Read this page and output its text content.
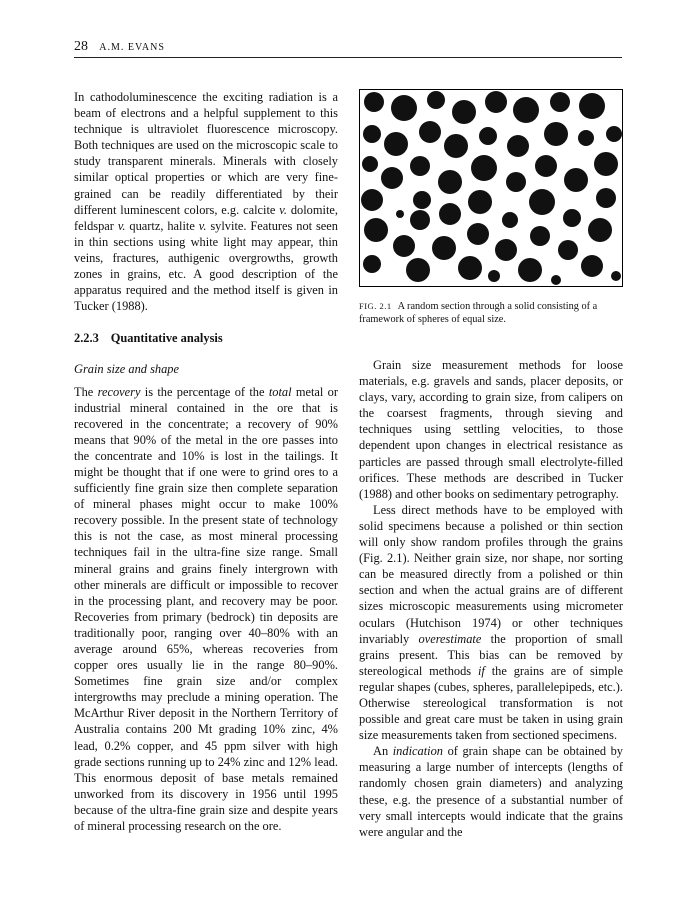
28 A.M. EVANS

In cathodoluminescence the exciting radiation is a beam of electrons and a helpful supplement to this technique is ultraviolet fluorescence microscopy. Both techniques are used on the microscopic scale to study transparent minerals. Minerals with closely similar optical properties or which are very fine-grained can be readily differentiated by their different luminescent colors, e.g. calcite v. dolomite, feldspar v. quartz, halite v. sylvite. Features not seen in thin sections using white light may appear, thin veins, fractures, authigenic overgrowths, growth zones in grains, etc. A good description of the apparatus required and the method itself is given in Tucker (1988).

2.2.3 Quantitative analysis
Grain size and shape

The recovery is the percentage of the total metal or industrial mineral contained in the ore that is recovered in the concentrate; a recovery of 90% means that 90% of the metal in the ore passes into the concentrate and 10% is lost in the tailings. It might be thought that if one were to grind ores to a sufficiently fine grain size then complete separation of mineral phases might occur to make 100% recovery possible. In the present state of technology this is not the case, as most mineral processing techniques fail in the ultra-fine size range. Small mineral grains and grains finely intergrown with other minerals are difficult or impossible to recover in the processing plant, and recovery may be poor. Recoveries from primary (bedrock) tin deposits are traditionally poor, ranging over 40–80% with an average around 65%, whereas recoveries from copper ores usually lie in the range 80–90%. Sometimes fine grain size and/or complex intergrowths may preclude a mining operation. The McArthur River deposit in the Northern Territory of Australia contains 200 Mt grading 10% zinc, 4% lead, 0.2% copper, and 45 ppm silver with high grade sections running up to 24% zinc and 12% lead. This enormous deposit of base metals remained unworked from its discovery in 1956 until 1995 because of the ultra-fine grain size and despite years of mineral processing research on the ore.

FIG. 2.1 A random section through a solid consisting of a framework of spheres of equal size.

Grain size measurement methods for loose materials, e.g. gravels and sands, placer deposits, or clays, vary, according to grain size, from calipers on the coarsest fragments, through sieving and techniques using settling velocities, to those dependent upon changes in electrical resistance as particles are passed through small electrolyte-filled orifices. These methods are described in Tucker (1988) and other books on sedimentary petrography.

Less direct methods have to be employed with solid specimens because a polished or thin section will only show random profiles through the grains (Fig. 2.1). Neither grain size, nor shape, nor sorting can be measured directly from a polished or thin section and when the actual grains are of different sizes microscopic measurements using micrometer oculars (Hutchison 1974) or other techniques invariably overestimate the proportion of small grains present. This bias can be removed by stereological methods if the grains are of simple regular shapes (cubes, spheres, parallelepipeds, etc.). Otherwise stereological transformation is not possible and great care must be taken in using grain size measurements taken from sectioned specimens.

An indication of grain shape can be obtained by measuring a large number of intercepts (lengths of randomly chosen grain diameters) and analyzing these, e.g. the presence of a substantial number of very small intercepts would indicate that the grains were angular and the
